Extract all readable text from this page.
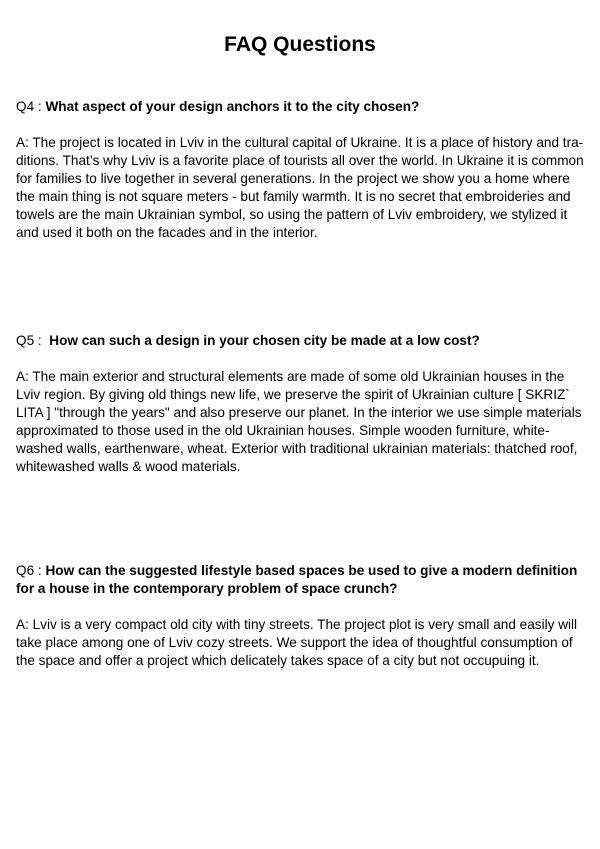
FAQ Questions

Q4 : What aspect of your design anchors it to the city chosen?

A: The project is located in Lviv in the cultural capital of Ukraine. It is a place of history and tra-
ditions. That’s why Lviv is a favorite place of tourists all over the world. In Ukraine it is common
for families to live together in several generations. In the project we show you a home where
the main thing is not square meters - but family warmth. It is no secret that embroideries and
towels are the main Ukrainian symbol, so using the pattern of Lviv embroidery, we stylized it
and used it both on the facades and in the interior.

Q5 :  How can such a design in your chosen city be made at a low cost?

A: The main exterior and structural elements are made of some old Ukrainian houses in the
Lviv region. By giving old things new life, we preserve the spirit of Ukrainian culture [ SKRIZ`
LITA ] "through the years" and also preserve our planet. In the interior we use simple materials
approximated to those used in the old Ukrainian houses. Simple wooden furniture, white-
washed walls, earthenware, wheat. Exterior with traditional ukrainian materials: thatched roof,
whitewashed walls & wood materials.

Q6 : How can the suggested lifestyle based spaces be used to give a modern definition
for a house in the contemporary problem of space crunch?

A: Lviv is a very compact old city with tiny streets. The project plot is very small and easily will
take place among one of Lviv cozy streets. We support the idea of thoughtful consumption of
the space and offer a project which delicately takes space of a city but not occupuing it.
